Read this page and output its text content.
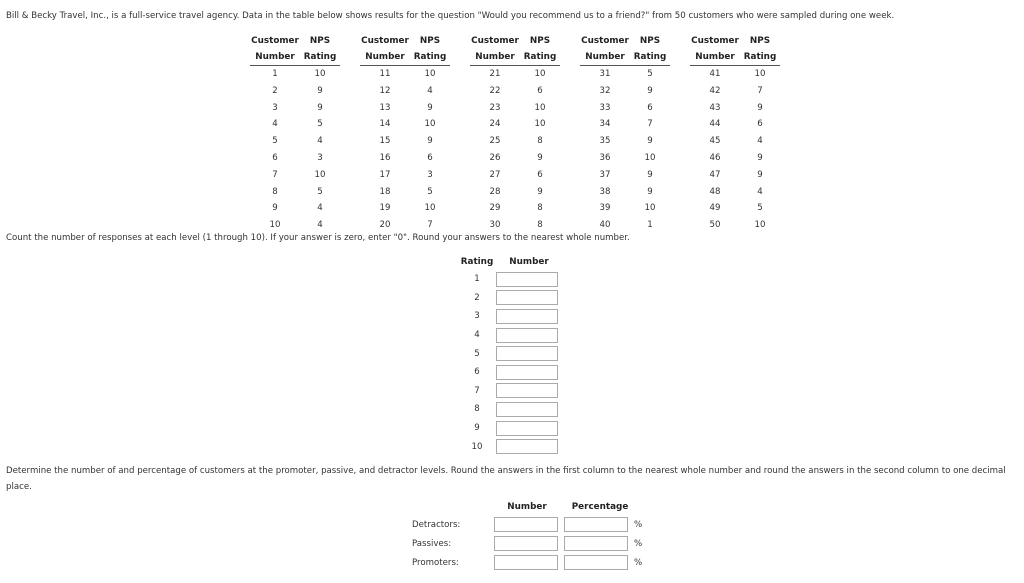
Bill & Becky Travel, Inc., is a full-service travel agency. Data in the table below shows results for the question "Would you recommend us to a friend?" from 50 customers who were sampled during one week.
Customer
Number
NPS
Rating
1	10
2	9
3	9
4	5
5	4
6	3
7	10
8	5
9	4
10	4
Customer
Number
NPS
Rating
11	10
12	4
13	9
14	10
15	9
16	6
17	3
18	5
19	10
20	7
Customer
Number
NPS
Rating
21	10
22	6
23	10
24	10
25	8
26	9
27	6
28	9
29	8
30	8
Customer
Number
NPS
Rating
31	5
32	9
33	6
34	7
35	9
36	10
37	9
38	9
39	10
40	1
Customer
Number
NPS
Rating
41	10
42	7
43	9
44	6
45	4
46	9
47	9
48	4
49	5
50	10
Count the number of responses at each level (1 through 10). If your answer is zero, enter "0". Round your answers to the nearest whole number.
Rating	Number
1
2
3
4
5
6
7
8
9
10
Determine the number of and percentage of customers at the promoter, passive, and detractor levels. Round the answers in the first column to the nearest whole number and round the answers in the second column to one decimal place.
Number	Percentage
Detractors:	%
Passives:	%
Promoters:	%
